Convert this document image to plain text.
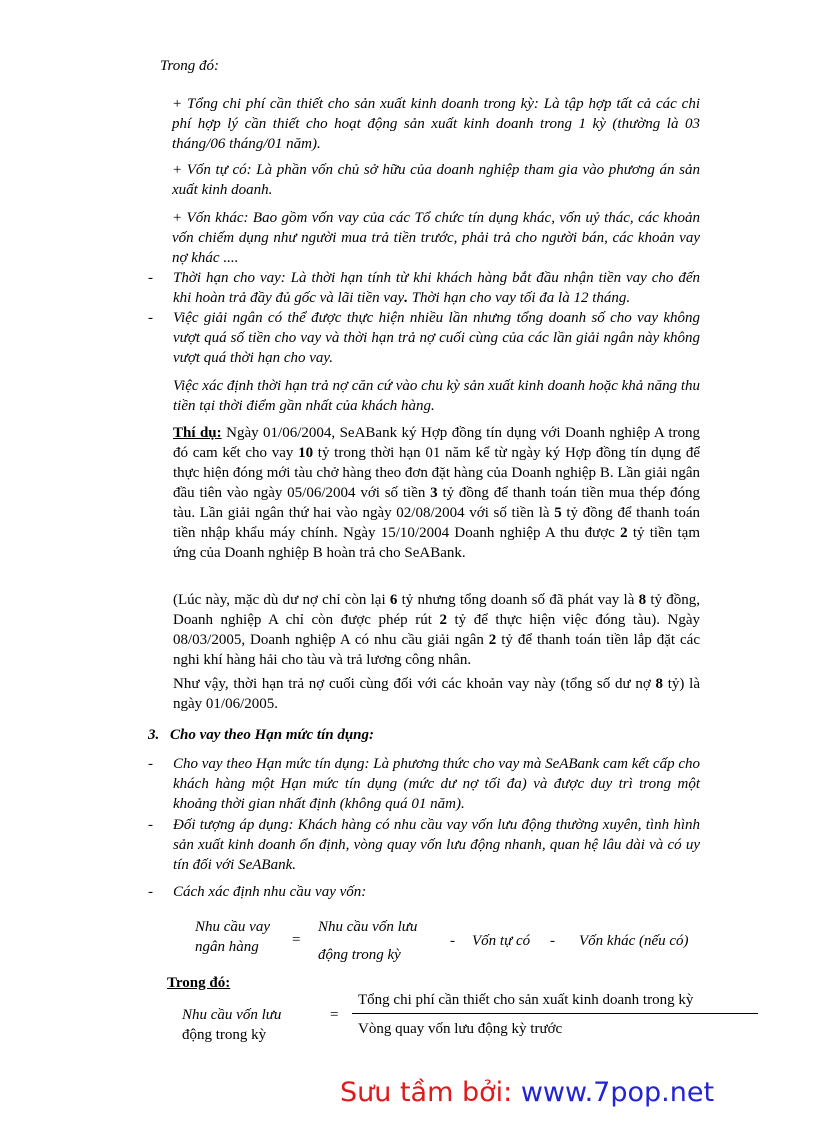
Trong đó:
+ Tổng chi phí cần thiết cho sản xuất kinh doanh trong kỳ: Là tập hợp tất cả các chi phí hợp lý cần thiết cho hoạt động sản xuất kinh doanh trong 1 kỳ (thường là 03 tháng/06 tháng/01 năm).
+ Vốn tự có: Là phần vốn chủ sở hữu của doanh nghiệp tham gia vào phương án sản xuất kinh doanh.
+ Vốn khác: Bao gồm vốn vay của các Tổ chức tín dụng khác, vốn uỷ thác, các khoản vốn chiếm dụng như người mua trả tiền trước, phải trả cho người bán, các khoản vay nợ khác ....
- Thời hạn cho vay: Là thời hạn tính từ khi khách hàng bắt đầu nhận tiền vay cho đến khi hoàn trả đầy đủ gốc và lãi tiền vay. Thời hạn cho vay tối đa là 12 tháng.
- Việc giải ngân có thể được thực hiện nhiều lần nhưng tổng doanh số cho vay không vượt quá số tiền cho vay và thời hạn trả nợ cuối cùng của các lần giải ngân này không vượt quá thời hạn cho vay.
Việc xác định thời hạn trả nợ căn cứ vào chu kỳ sản xuất kinh doanh hoặc khả năng thu tiền tại thời điểm gần nhất của khách hàng.
Thí dụ: Ngày 01/06/2004, SeABank ký Hợp đồng tín dụng với Doanh nghiệp A trong đó cam kết cho vay 10 tỷ trong thời hạn 01 năm kể từ ngày ký Hợp đồng tín dụng để thực hiện đóng mới tàu chở hàng theo đơn đặt hàng của Doanh nghiệp B. Lần giải ngân đầu tiên vào ngày 05/06/2004 với số tiền 3 tỷ đồng để thanh toán tiền mua thép đóng tàu. Lần giải ngân thứ hai vào ngày 02/08/2004 với số tiền là 5 tỷ đồng để thanh toán tiền nhập khẩu máy chính. Ngày 15/10/2004 Doanh nghiệp A thu được 2 tỷ tiền tạm ứng của Doanh nghiệp B hoàn trả cho SeABank.
(Lúc này, mặc dù dư nợ chỉ còn lại 6 tỷ nhưng tổng doanh số đã phát vay là 8 tỷ đồng, Doanh nghiệp A chỉ còn được phép rút 2 tỷ để thực hiện việc đóng tàu). Ngày 08/03/2005, Doanh nghiệp A có nhu cầu giải ngân 2 tỷ để thanh toán tiền lắp đặt các nghi khí hàng hải cho tàu và trả lương công nhân.
Như vậy, thời hạn trả nợ cuối cùng đối với các khoản vay này (tổng số dư nợ 8 tỷ) là ngày 01/06/2005.
3. Cho vay theo Hạn mức tín dụng:
- Cho vay theo Hạn mức tín dụng: Là phương thức cho vay mà SeABank cam kết cấp cho khách hàng một Hạn mức tín dụng (mức dư nợ tối đa) và được duy trì trong một khoảng thời gian nhất định (không quá 01 năm).
- Đối tượng áp dụng: Khách hàng có nhu cầu vay vốn lưu động thường xuyên, tình hình sản xuất kinh doanh ổn định, vòng quay vốn lưu động nhanh, quan hệ lâu dài và có uy tín đối với SeABank.
- Cách xác định nhu cầu vay vốn:
Nhu cầu vay
ngân hàng =
Nhu cầu vốn lưu
động trong kỳ
- Vốn tự có - Vốn khác (nếu có)
Trong đó:
Nhu cầu vốn lưu
động trong kỳ
=
Tổng chi phí cần thiết cho sản xuất kinh doanh trong kỳ
Vòng quay vốn lưu động kỳ trước
Sưu tầm bởi: www.7pop.net
